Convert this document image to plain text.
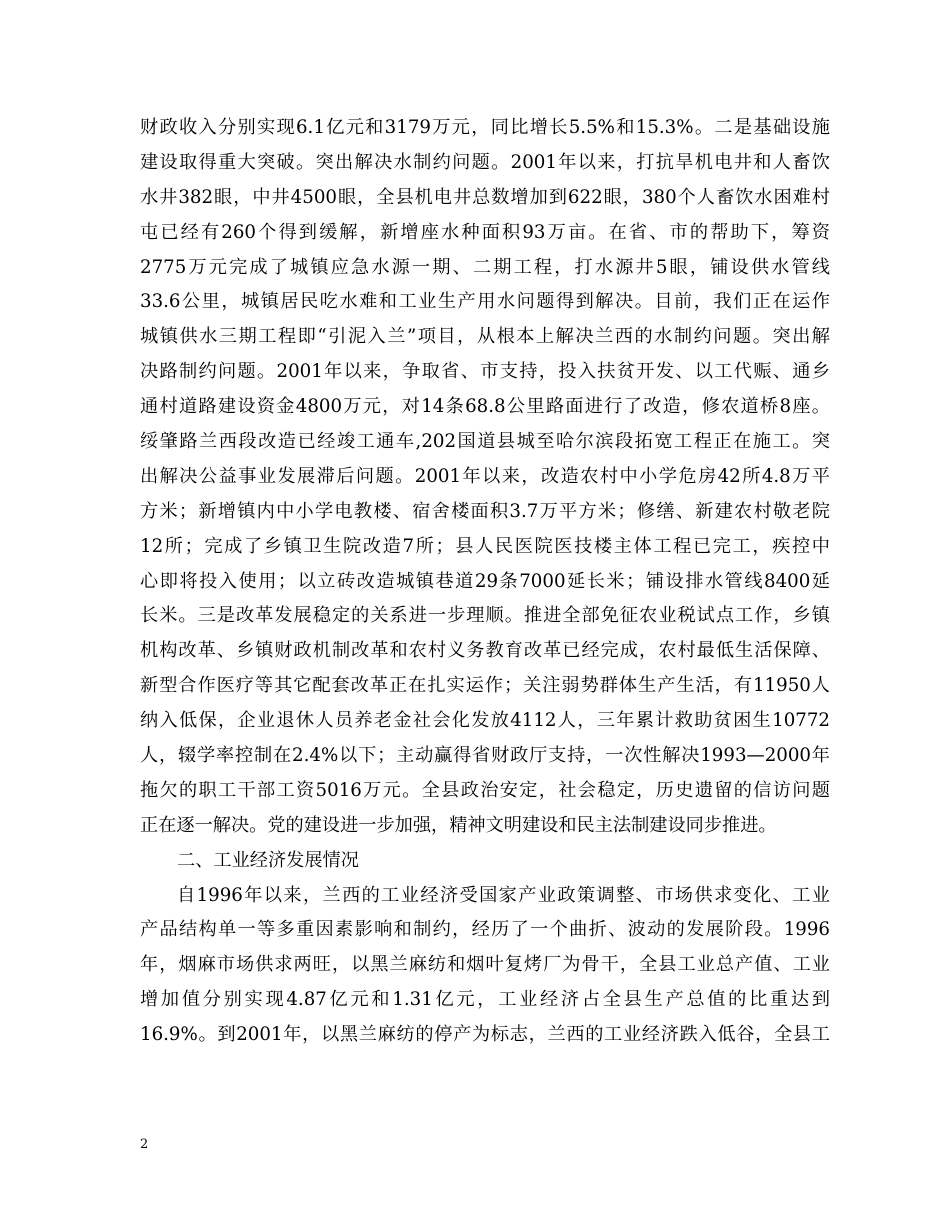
财政收入分别实现6.1亿元和3179万元，同比增长5.5%和15.3%。二是基础设施
建设取得重大突破。突出解决水制约问题。2001年以来，打抗旱机电井和人畜饮
水井382眼，中井4500眼，全县机电井总数增加到622眼，380个人畜饮水困难村
屯已经有260个得到缓解，新增座水种面积93万亩。在省、市的帮助下，筹资
2775万元完成了城镇应急水源一期、二期工程，打水源井5眼，铺设供水管线
33.6公里，城镇居民吃水难和工业生产用水问题得到解决。目前，我们正在运作
城镇供水三期工程即“引泥入兰”项目，从根本上解决兰西的水制约问题。突出解
决路制约问题。2001年以来，争取省、市支持，投入扶贫开发、以工代赈、通乡
通村道路建设资金4800万元，对14条68.8公里路面进行了改造，修农道桥8座。
绥肇路兰西段改造已经竣工通车,202国道县城至哈尔滨段拓宽工程正在施工。突
出解决公益事业发展滞后问题。2001年以来，改造农村中小学危房42所4.8万平
方米；新增镇内中小学电教楼、宿舍楼面积3.7万平方米；修缮、新建农村敬老院
12所；完成了乡镇卫生院改造7所；县人民医院医技楼主体工程已完工，疾控中
心即将投入使用；以立砖改造城镇巷道29条7000延长米；铺设排水管线8400延
长米。三是改革发展稳定的关系进一步理顺。推进全部免征农业税试点工作，乡镇
机构改革、乡镇财政机制改革和农村义务教育改革已经完成，农村最低生活保障、
新型合作医疗等其它配套改革正在扎实运作；关注弱势群体生产生活，有11950人
纳入低保，企业退休人员养老金社会化发放4112人，三年累计救助贫困生10772
人，辍学率控制在2.4%以下；主动赢得省财政厅支持，一次性解决1993—2000年
拖欠的职工干部工资5016万元。全县政治安定，社会稳定，历史遗留的信访问题
正在逐一解决。党的建设进一步加强，精神文明建设和民主法制建设同步推进。
二、工业经济发展情况
自1996年以来，兰西的工业经济受国家产业政策调整、市场供求变化、工业
产品结构单一等多重因素影响和制约，经历了一个曲折、波动的发展阶段。1996
年，烟麻市场供求两旺，以黑兰麻纺和烟叶复烤厂为骨干，全县工业总产值、工业
增加值分别实现4.87亿元和1.31亿元，工业经济占全县生产总值的比重达到
16.9%。到2001年，以黑兰麻纺的停产为标志，兰西的工业经济跌入低谷，全县工
2
